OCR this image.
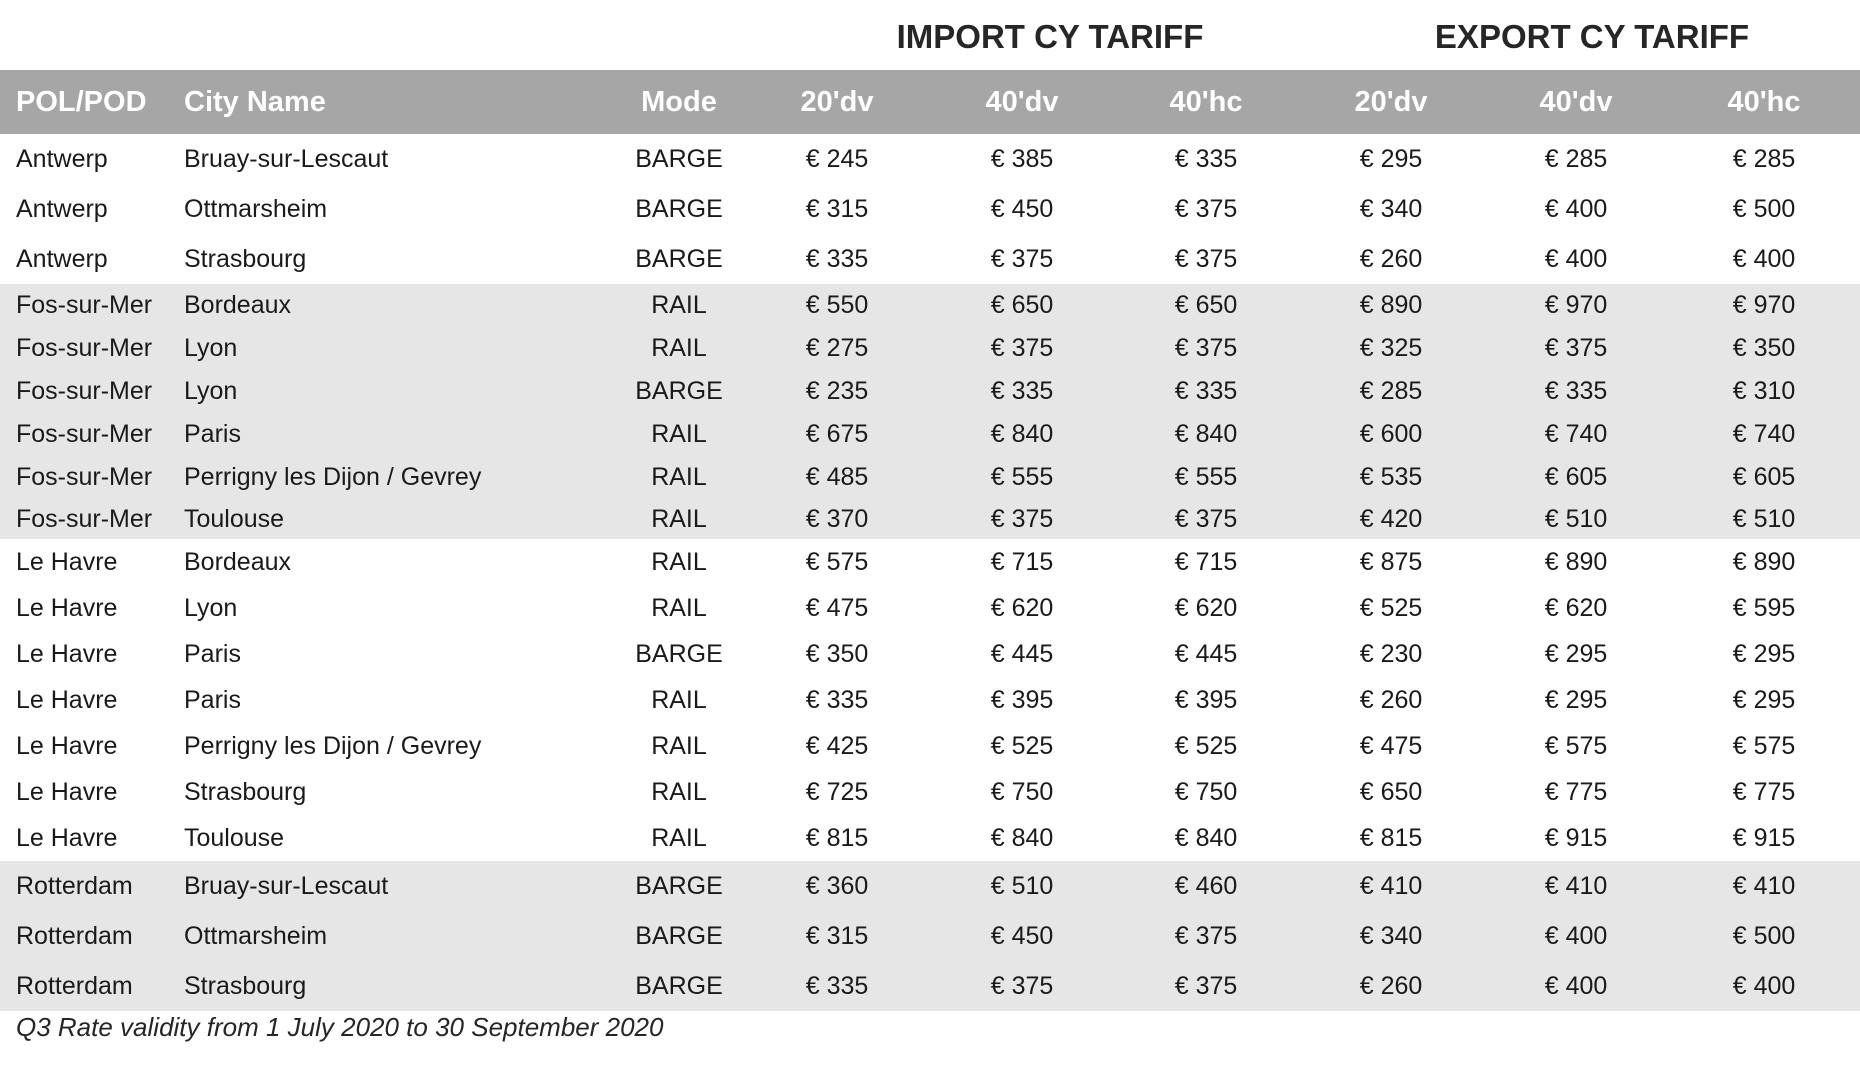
IMPORT CY TARIFF	EXPORT CY TARIFF
POL/POD	City Name	Mode	20'dv	40'dv	40'hc	20'dv	40'dv	40'hc
Antwerp	Bruay-sur-Lescaut	BARGE	€ 245	€ 385	€ 335	€ 295	€ 285	€ 285
Antwerp	Ottmarsheim	BARGE	€ 315	€ 450	€ 375	€ 340	€ 400	€ 500
Antwerp	Strasbourg	BARGE	€ 335	€ 375	€ 375	€ 260	€ 400	€ 400
Fos-sur-Mer	Bordeaux	RAIL	€ 550	€ 650	€ 650	€ 890	€ 970	€ 970
Fos-sur-Mer	Lyon	RAIL	€ 275	€ 375	€ 375	€ 325	€ 375	€ 350
Fos-sur-Mer	Lyon	BARGE	€ 235	€ 335	€ 335	€ 285	€ 335	€ 310
Fos-sur-Mer	Paris	RAIL	€ 675	€ 840	€ 840	€ 600	€ 740	€ 740
Fos-sur-Mer	Perrigny les Dijon / Gevrey	RAIL	€ 485	€ 555	€ 555	€ 535	€ 605	€ 605
Fos-sur-Mer	Toulouse	RAIL	€ 370	€ 375	€ 375	€ 420	€ 510	€ 510
Le Havre	Bordeaux	RAIL	€ 575	€ 715	€ 715	€ 875	€ 890	€ 890
Le Havre	Lyon	RAIL	€ 475	€ 620	€ 620	€ 525	€ 620	€ 595
Le Havre	Paris	BARGE	€ 350	€ 445	€ 445	€ 230	€ 295	€ 295
Le Havre	Paris	RAIL	€ 335	€ 395	€ 395	€ 260	€ 295	€ 295
Le Havre	Perrigny les Dijon / Gevrey	RAIL	€ 425	€ 525	€ 525	€ 475	€ 575	€ 575
Le Havre	Strasbourg	RAIL	€ 725	€ 750	€ 750	€ 650	€ 775	€ 775
Le Havre	Toulouse	RAIL	€ 815	€ 840	€ 840	€ 815	€ 915	€ 915
Rotterdam	Bruay-sur-Lescaut	BARGE	€ 360	€ 510	€ 460	€ 410	€ 410	€ 410
Rotterdam	Ottmarsheim	BARGE	€ 315	€ 450	€ 375	€ 340	€ 400	€ 500
Rotterdam	Strasbourg	BARGE	€ 335	€ 375	€ 375	€ 260	€ 400	€ 400
Q3 Rate validity from 1 July 2020 to 30 September 2020
